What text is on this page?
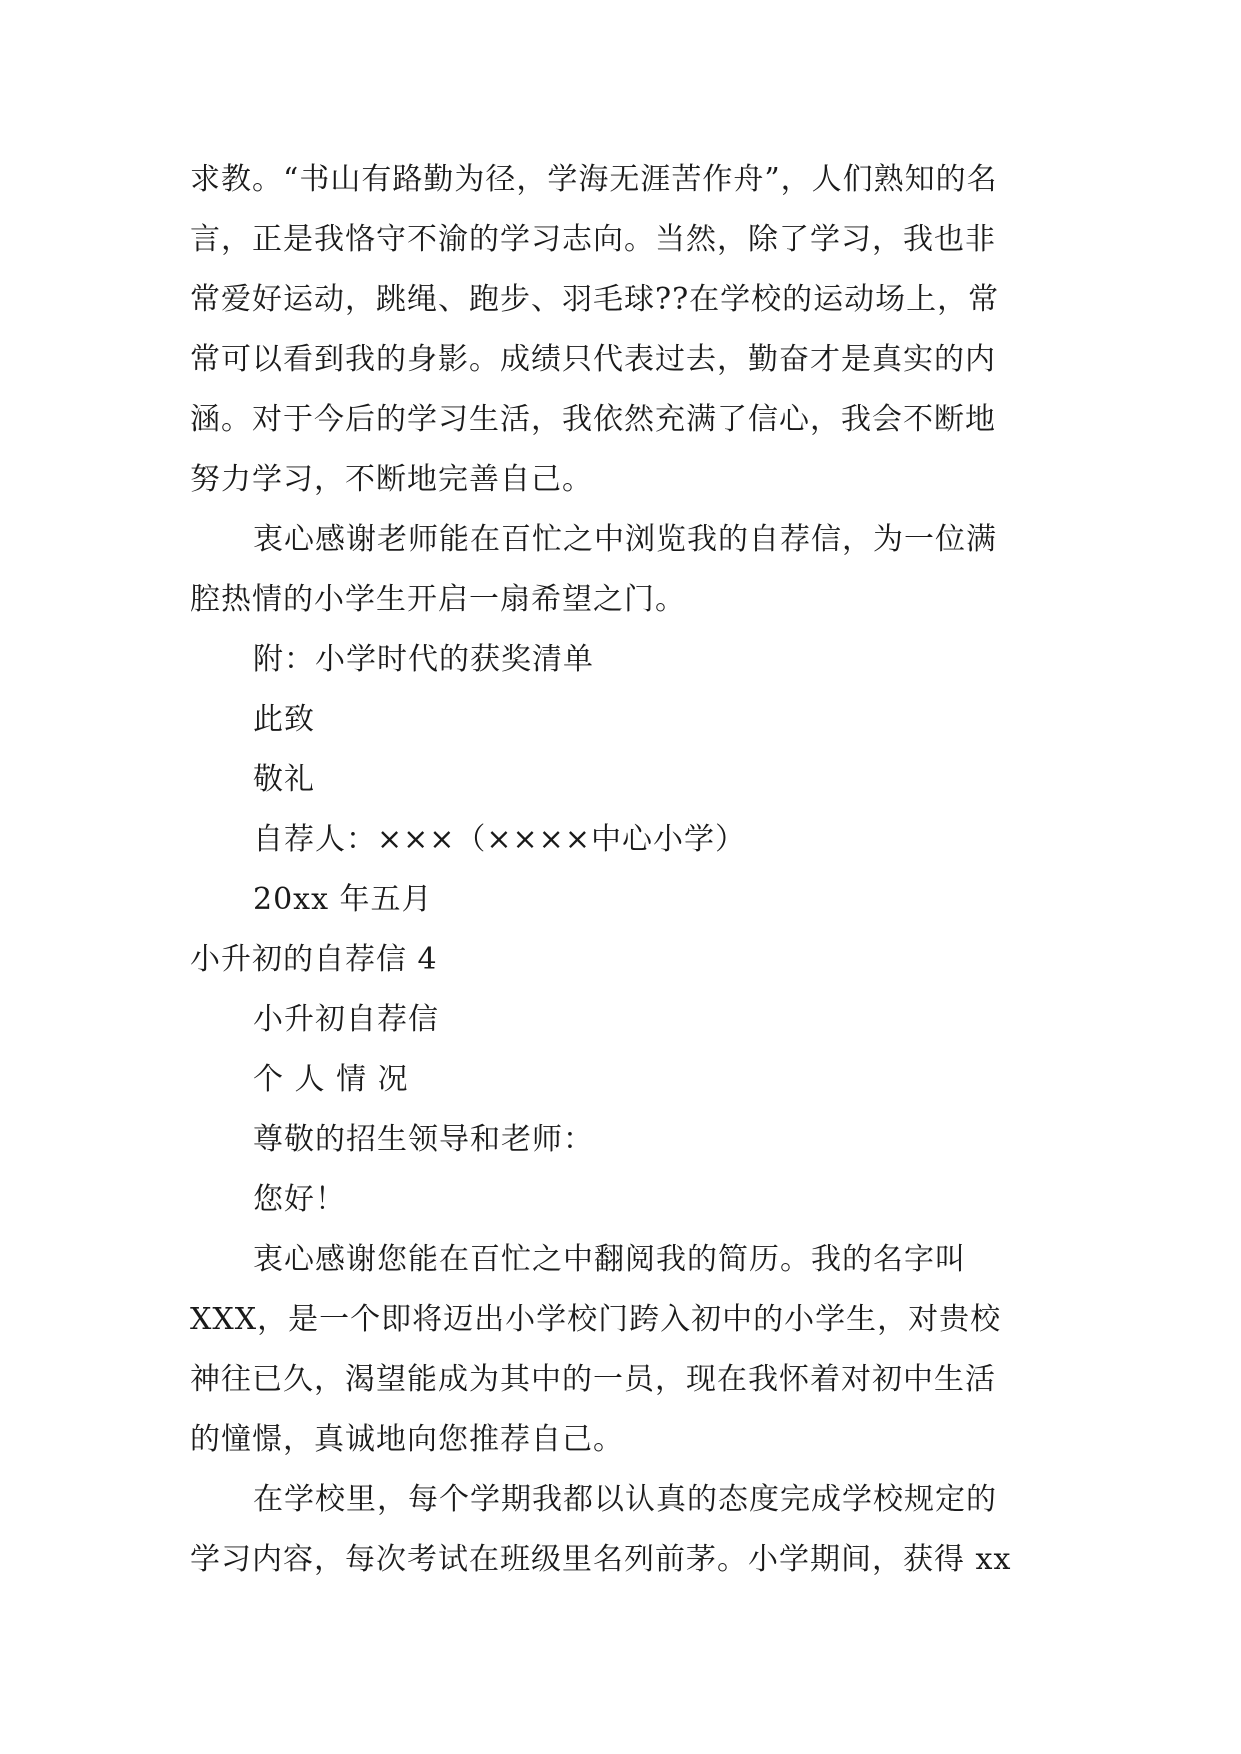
求教。“书山有路勤为径，学海无涯苦作舟”，人们熟知的名
言，正是我恪守不渝的学习志向。当然，除了学习，我也非
常爱好运动，跳绳、跑步、羽毛球??在学校的运动场上，常
常可以看到我的身影。成绩只代表过去，勤奋才是真实的内
涵。对于今后的学习生活，我依然充满了信心，我会不断地
努力学习，不断地完善自己。
衷心感谢老师能在百忙之中浏览我的自荐信，为一位满
腔热情的小学生开启一扇希望之门。
附：小学时代的获奖清单
此致
敬礼
自荐人：×××（××××中心小学）
20xx 年五月
小升初的自荐信 4
小升初自荐信
个 人 情 况
尊敬的招生领导和老师：
您好！
衷心感谢您能在百忙之中翻阅我的简历。我的名字叫
XXX，是一个即将迈出小学校门跨入初中的小学生，对贵校
神往已久，渴望能成为其中的一员，现在我怀着对初中生活
的憧憬，真诚地向您推荐自己。
在学校里，每个学期我都以认真的态度完成学校规定的
学习内容，每次考试在班级里名列前茅。小学期间，获得 xx
